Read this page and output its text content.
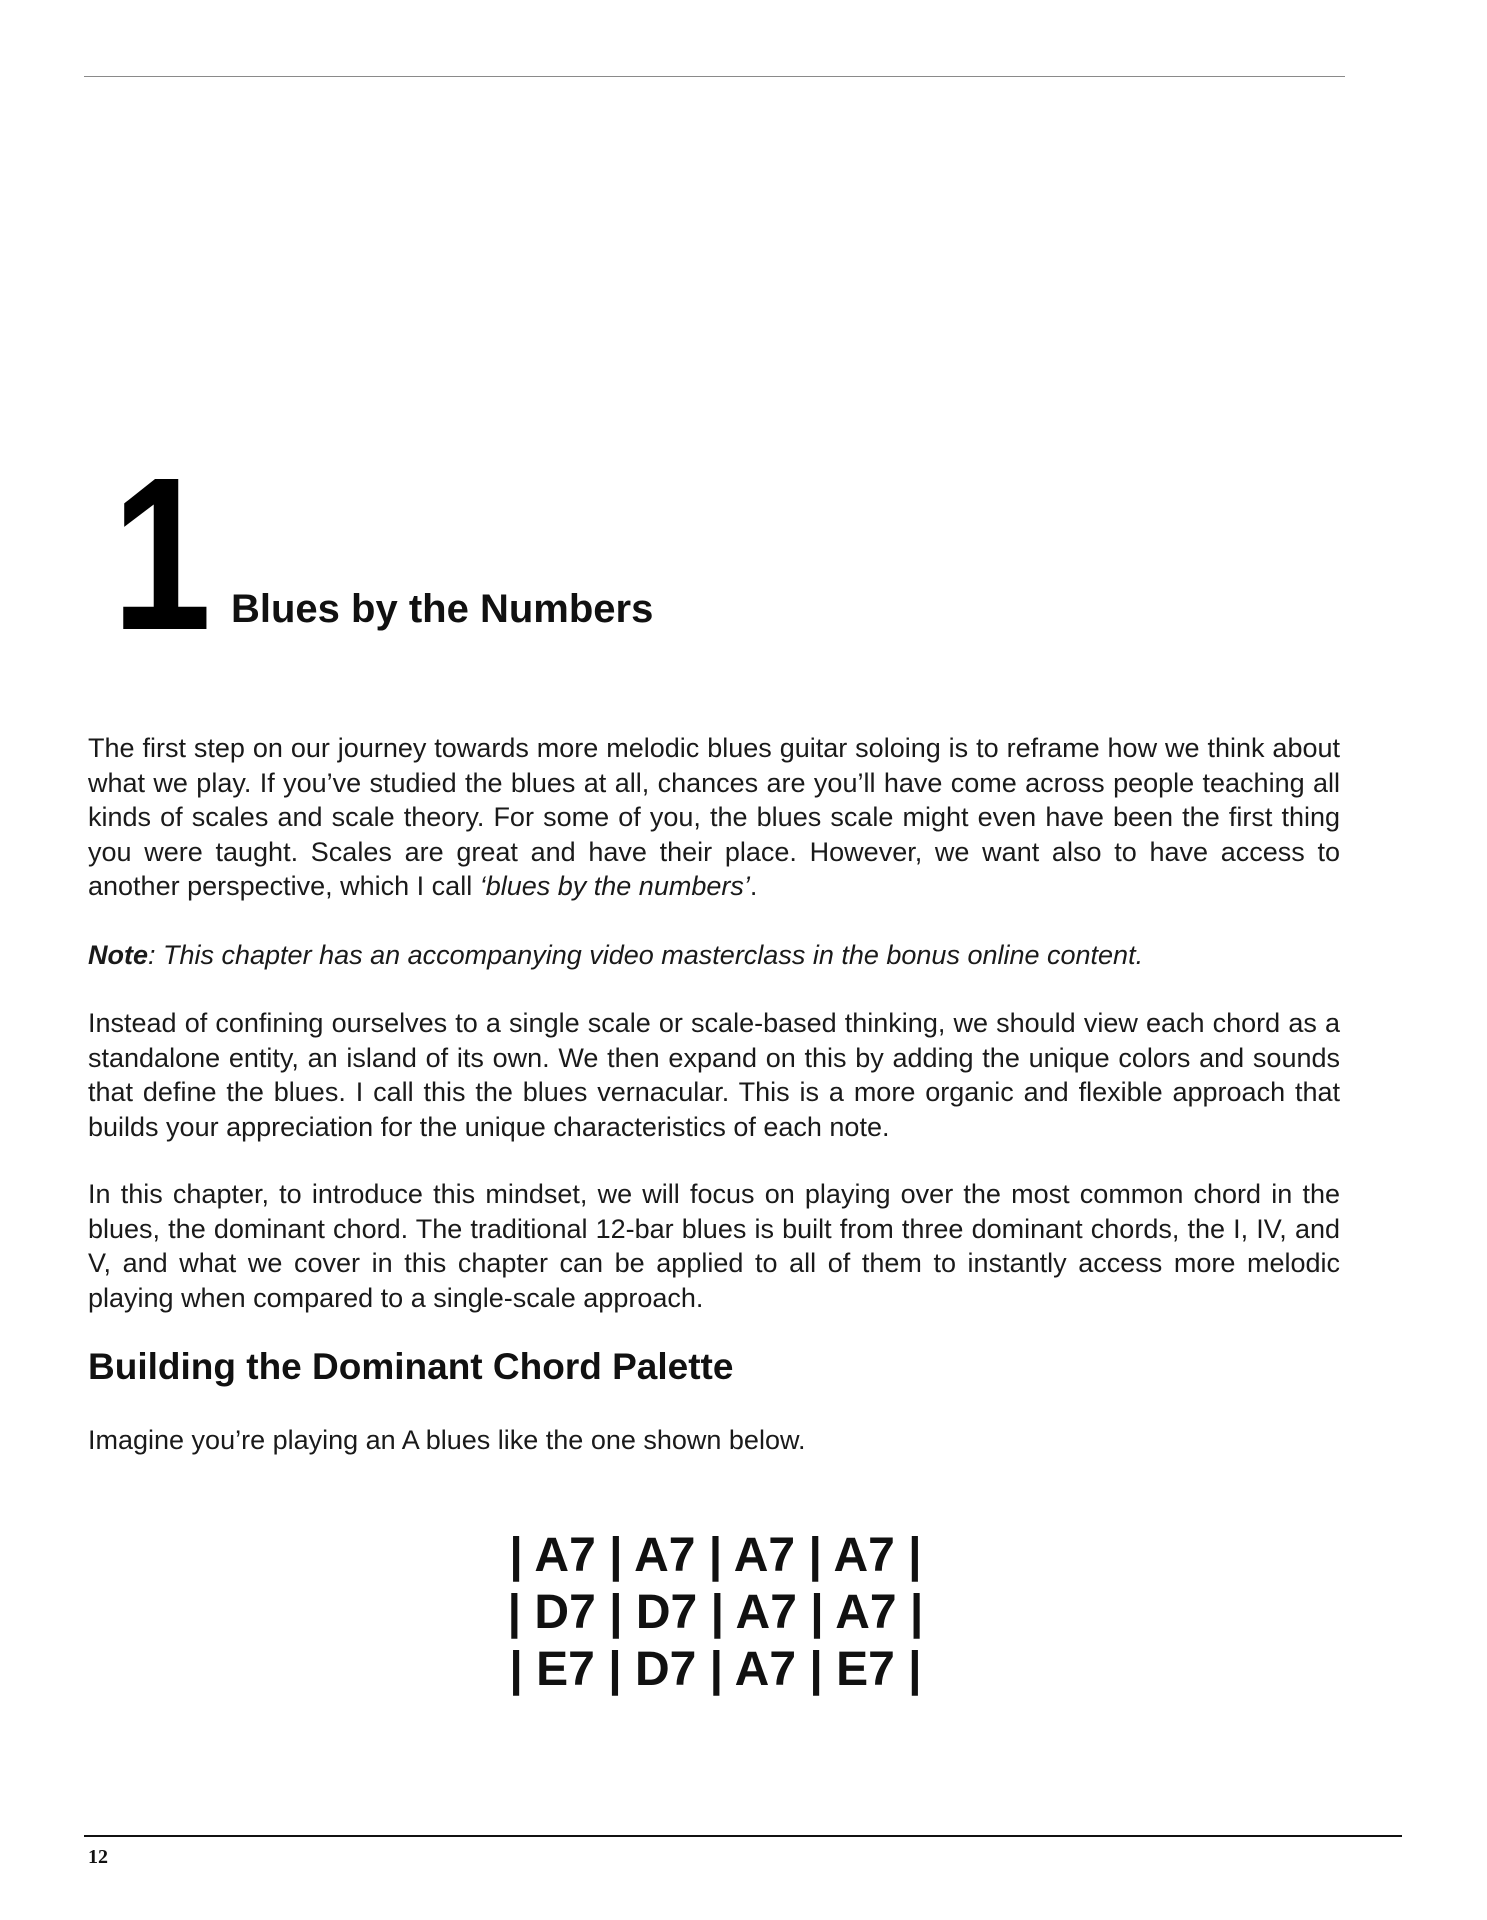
1 Blues by the Numbers

The first step on our journey towards more melodic blues guitar soloing is to reframe how we think about what we play. If you’ve studied the blues at all, chances are you’ll have come across people teaching all kinds of scales and scale theory. For some of you, the blues scale might even have been the first thing you were taught. Scales are great and have their place. However, we want also to have access to another perspective, which I call ‘blues by the numbers’.

Note: This chapter has an accompanying video masterclass in the bonus online content.

Instead of confining ourselves to a single scale or scale-based thinking, we should view each chord as a standalone entity, an island of its own. We then expand on this by adding the unique colors and sounds that define the blues. I call this the blues vernacular. This is a more organic and flexible approach that builds your appreciation for the unique characteristics of each note.

In this chapter, to introduce this mindset, we will focus on playing over the most common chord in the blues, the dominant chord. The traditional 12-bar blues is built from three dominant chords, the I, IV, and V, and what we cover in this chapter can be applied to all of them to instantly access more melodic playing when compared to a single-scale approach.

Building the Dominant Chord Palette

Imagine you’re playing an A blues like the one shown below.

| A7 | A7 | A7 | A7 |
| D7 | D7 | A7 | A7 |
| E7 | D7 | A7 | E7 |
12
